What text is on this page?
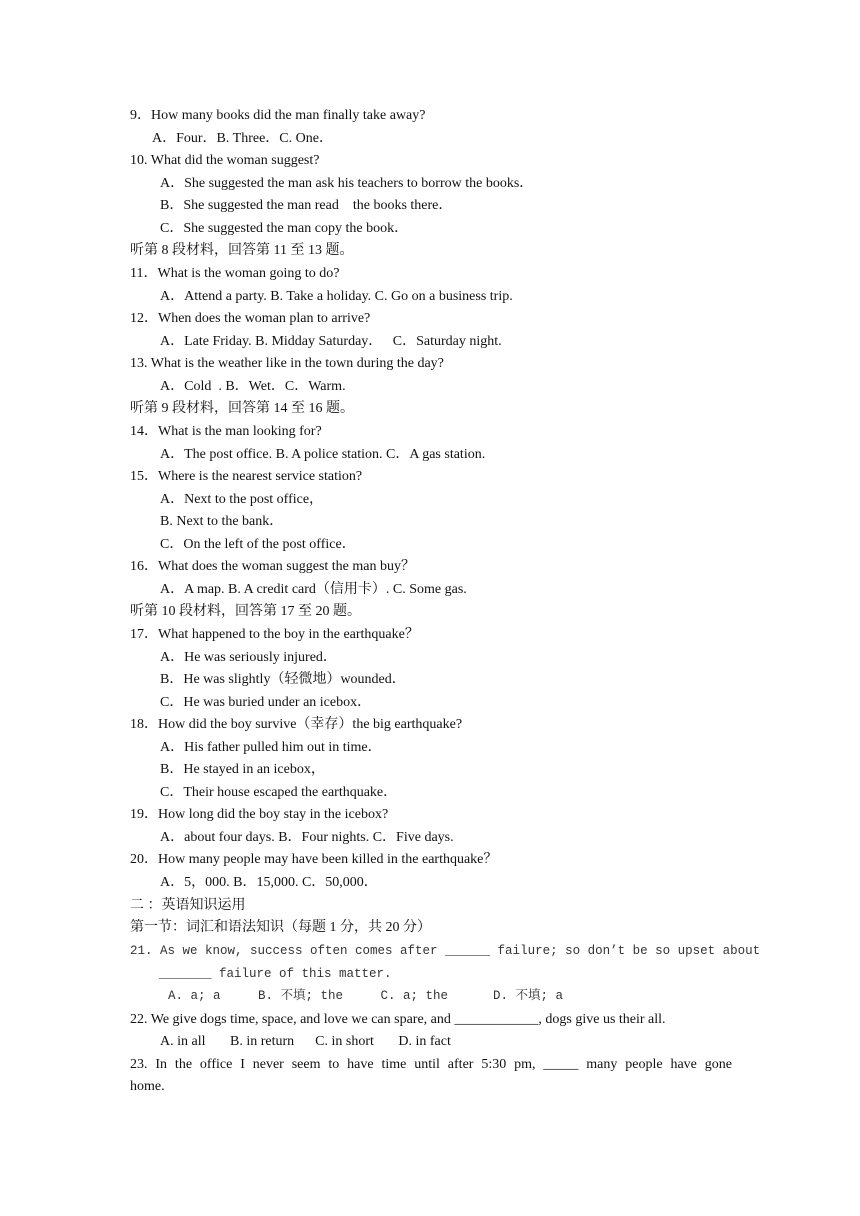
9．How many books did the man finally take away?
A．Four．B. Three．C. One．
10. What did the woman suggest?
A．She suggested the man ask his teachers to borrow the books．
B．She suggested the man read    the books there．
C．She suggested the man copy the book．
听第 8 段材料，回答第 11 至 13 题。
11．What is the woman going to do?
A．Attend a party. B. Take a holiday. C. Go on a business trip.
12．When does the woman plan to arrive?
A．Late Friday. B. Midday Saturday．   C．Saturday night.
13. What is the weather like in the town during the day?
A．Cold  . B．Wet．C．Warm.
听第 9 段材料，回答第 14 至 16 题。
14．What is the man looking for?
A．The post office. B. A police station. C．A gas station.
15．Where is the nearest service station?
A．Next to the post office，
B. Next to the bank．
C．On the left of the post office．
16．What does the woman suggest the man buy？
A．A map. B. A credit card（信用卡）. C. Some gas.
听第 10 段材料，回答第 17 至 20 题。
17．What happened to the boy in the earthquake？
A．He was seriously injured．
B．He was slightly（轻微地）wounded．
C．He was buried under an icebox．
18．How did the boy survive（幸存）the big earthquake?
A．His father pulled him out in time．
B．He stayed in an icebox，
C．Their house escaped the earthquake．
19．How long did the boy stay in the icebox?
A．about four days. B．Four nights. C．Five days.
20．How many people may have been killed in the earthquake？
A．5，000. B．15,000. C．50,000．
二 ：英语知识运用
第一节：词汇和语法知识（每题 1 分，共 20 分）
21. As we know, success often comes after ______ failure; so don’t be so upset about
_______ failure of this matter.
A. a; a     B. 不填; the     C. a; the      D. 不填; a
22. We give dogs time, space, and love we can spare, and ____________, dogs give us their all.
A. in all       B. in return      C. in short       D. in fact
23. In the office I never seem to have time until after 5:30 pm, _____ many people have gone
home.
